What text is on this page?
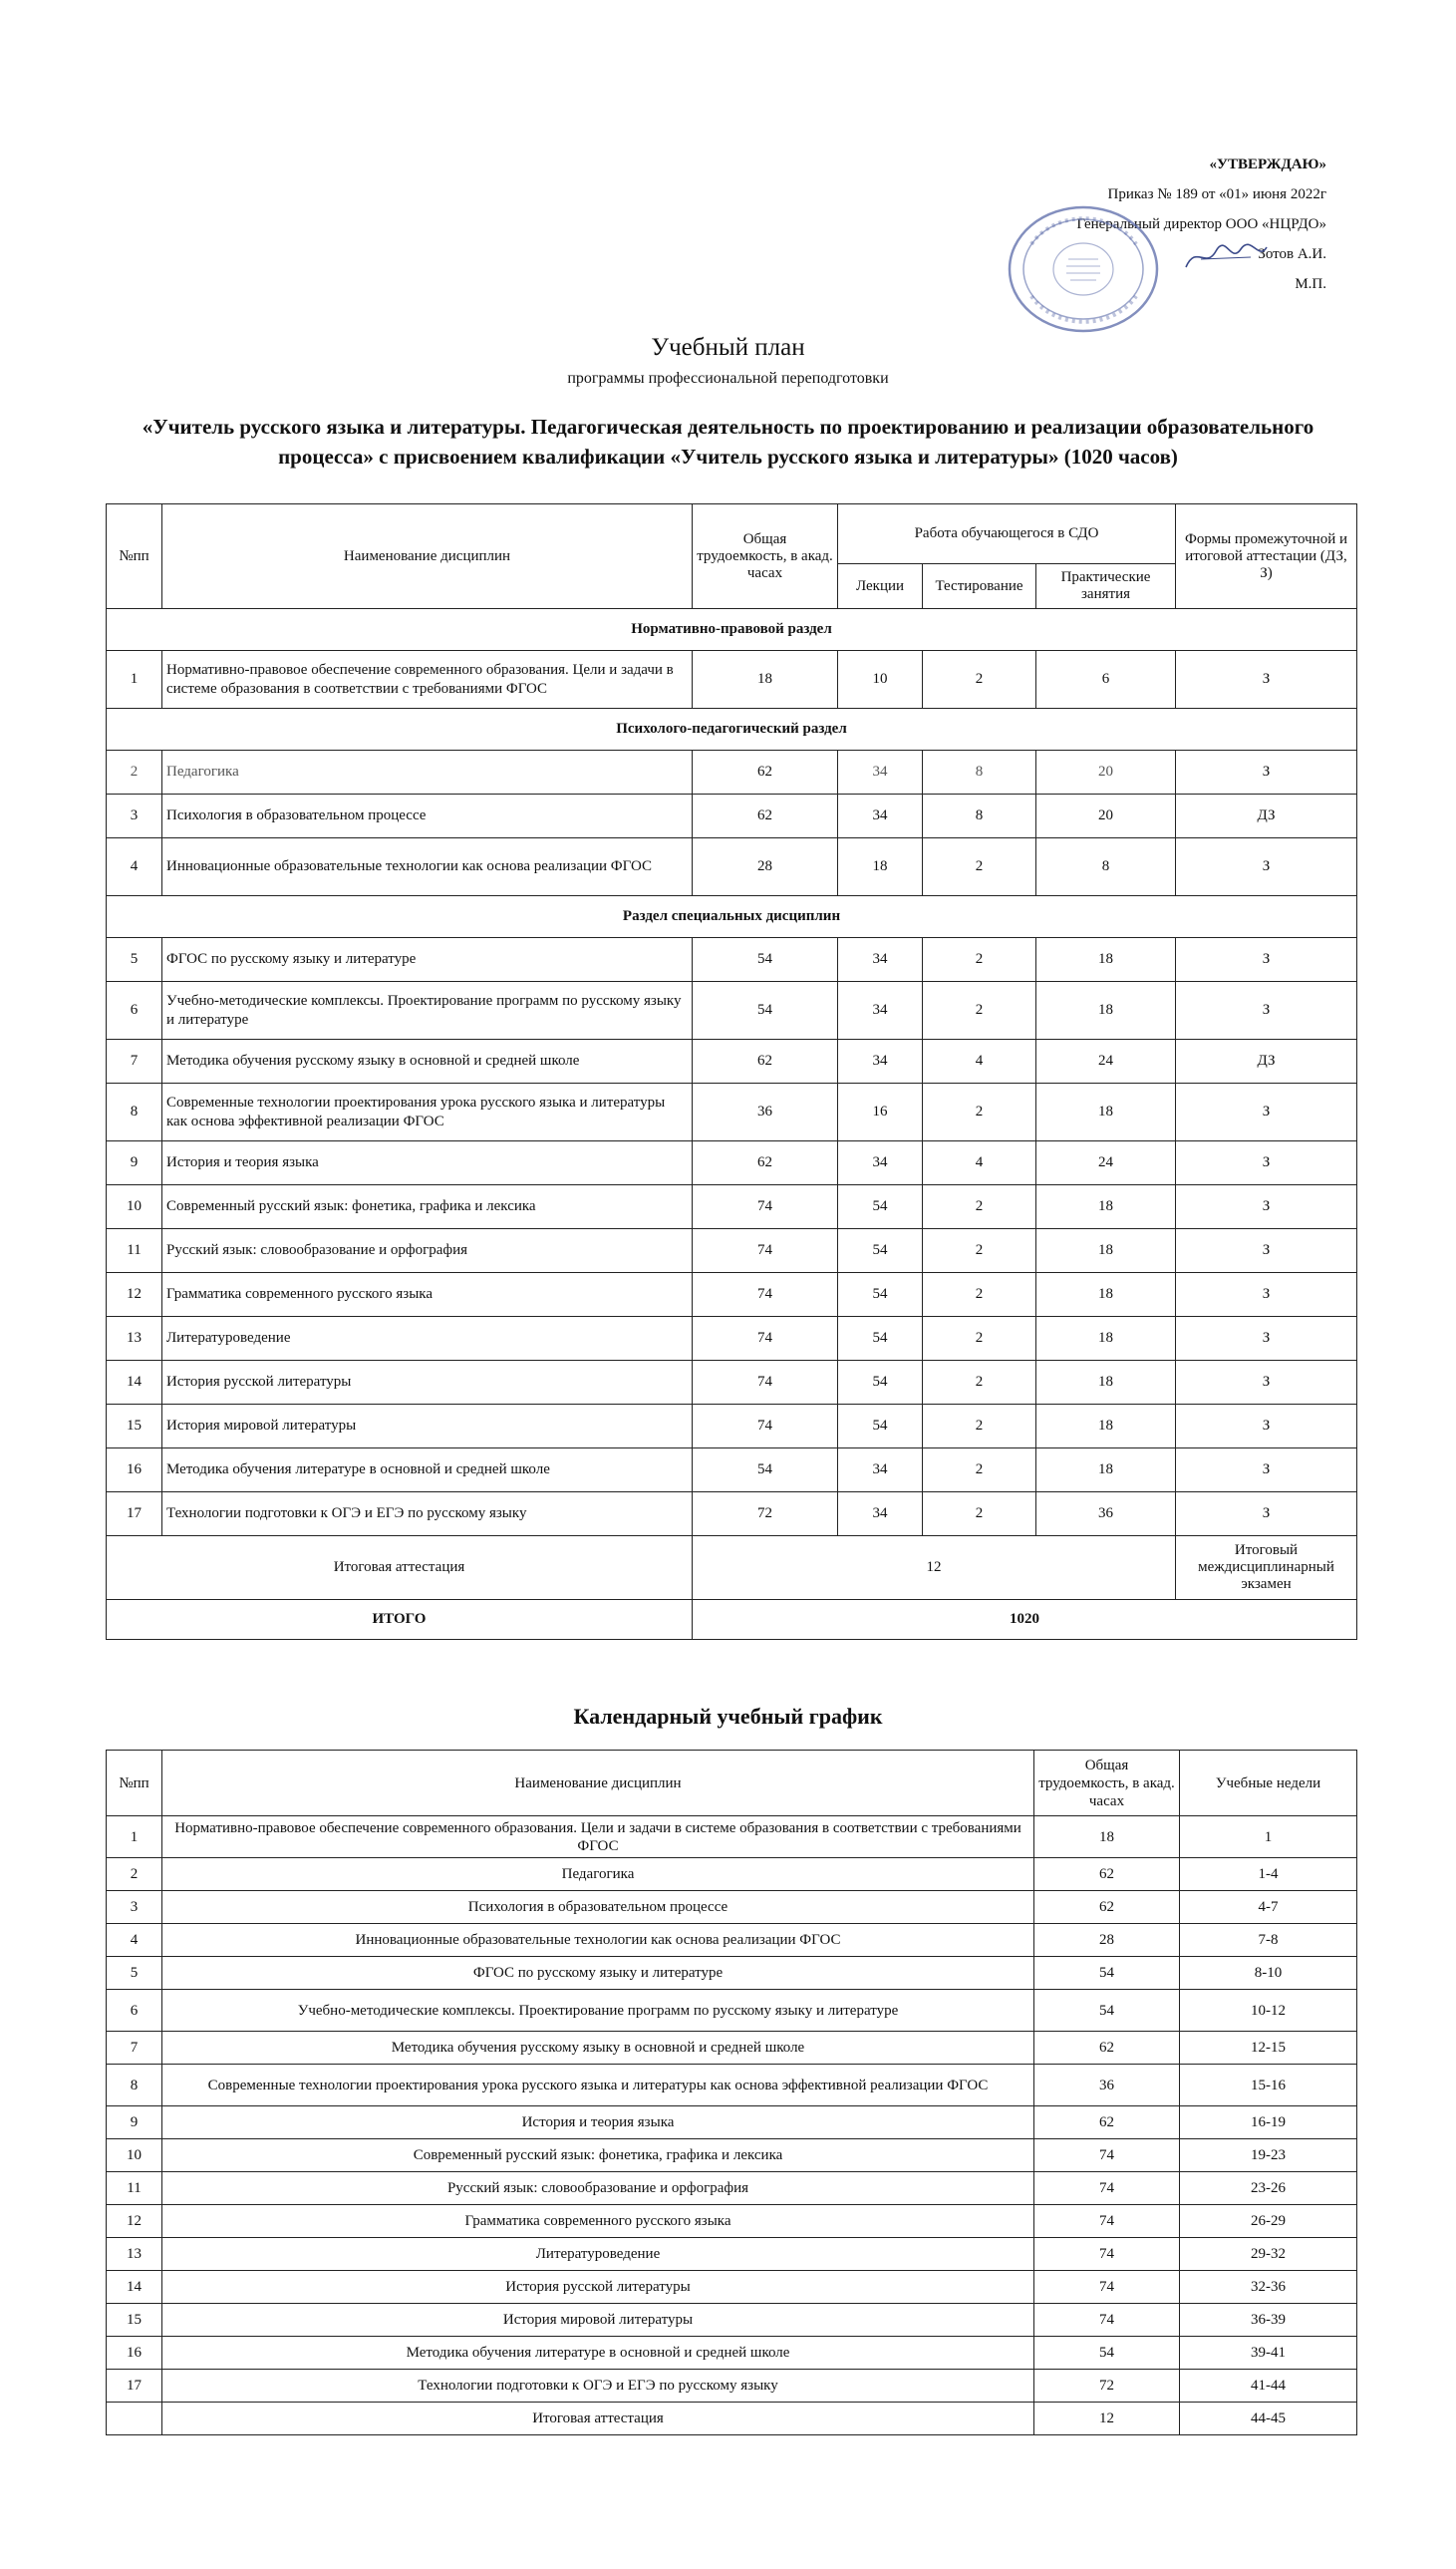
«УТВЕРЖДАЮ»
Приказ № 189 от «01» июня 2022г
Генеральный директор ООО «НЦРДО»
Зотов А.И.
М.П.
Учебный план
программы профессиональной переподготовки
«Учитель русского языка и литературы. Педагогическая деятельность по проектированию и реализации образовательного процесса» с присвоением квалификации «Учитель русского языка и литературы» (1020 часов)
№пп	Наименование дисциплин	Общая трудоемкость, в акад. часах	Работа обучающегося в СДО			Формы промежуточной и итоговой аттестации (ДЗ, З)
			Лекции	Тестирование	Практические занятия	
Нормативно-правовой раздел						
1	Нормативно-правовое обеспечение современного образования. Цели и задачи в системе образования в соответствии с требованиями ФГОС	18	10	2	6	З
Психолого-педагогический раздел						
2	Педагогика	62	34	8	20	З
3	Психология в образовательном процессе	62	34	8	20	ДЗ
4	Инновационные образовательные технологии как основа реализации ФГОС	28	18	2	8	З
Раздел специальных дисциплин						
5	ФГОС по русскому языку и литературе	54	34	2	18	З
6	Учебно-методические комплексы. Проектирование программ по русскому языку и литературе	54	34	2	18	З
7	Методика обучения русскому языку в основной и средней школе	62	34	4	24	ДЗ
8	Современные технологии проектирования урока русского языка и литературы как основа эффективной реализации ФГОС	36	16	2	18	З
9	История и теория языка	62	34	4	24	З
10	Современный русский язык: фонетика, графика и лексика	74	54	2	18	З
11	Русский язык: словообразование и орфография	74	54	2	18	З
12	Грамматика современного русского языка	74	54	2	18	З
13	Литературоведение	74	54	2	18	З
14	История русской литературы	74	54	2	18	З
15	История мировой литературы	74	54	2	18	З
16	Методика обучения литературе в основной и средней школе	54	34	2	18	З
17	Технологии подготовки к ОГЭ и ЕГЭ по русскому языку	72	34	2	36	З
Итоговая аттестация		12				Итоговый междисциплинарный экзамен
ИТОГО		1020				
Календарный учебный график
№пп	Наименование дисциплин	Общая трудоемкость, в акад. часах	Учебные недели
1	Нормативно-правовое обеспечение современного образования. Цели и задачи в системе образования в соответствии с требованиями ФГОС	18	1
2	Педагогика	62	1-4
3	Психология в образовательном процессе	62	4-7
4	Инновационные образовательные технологии как основа реализации ФГОС	28	7-8
5	ФГОС по русскому языку и литературе	54	8-10
6	Учебно-методические комплексы. Проектирование программ по русскому языку и литературе	54	10-12
7	Методика обучения русскому языку в основной и средней школе	62	12-15
8	Современные технологии проектирования урока русского языка и литературы как основа эффективной реализации ФГОС	36	15-16
9	История и теория языка	62	16-19
10	Современный русский язык: фонетика, графика и лексика	74	19-23
11	Русский язык: словообразование и орфография	74	23-26
12	Грамматика современного русского языка	74	26-29
13	Литературоведение	74	29-32
14	История русской литературы	74	32-36
15	История мировой литературы	74	36-39
16	Методика обучения литературе в основной и средней школе	54	39-41
17	Технологии подготовки к ОГЭ и ЕГЭ по русскому языку	72	41-44
	Итоговая аттестация	12	44-45
